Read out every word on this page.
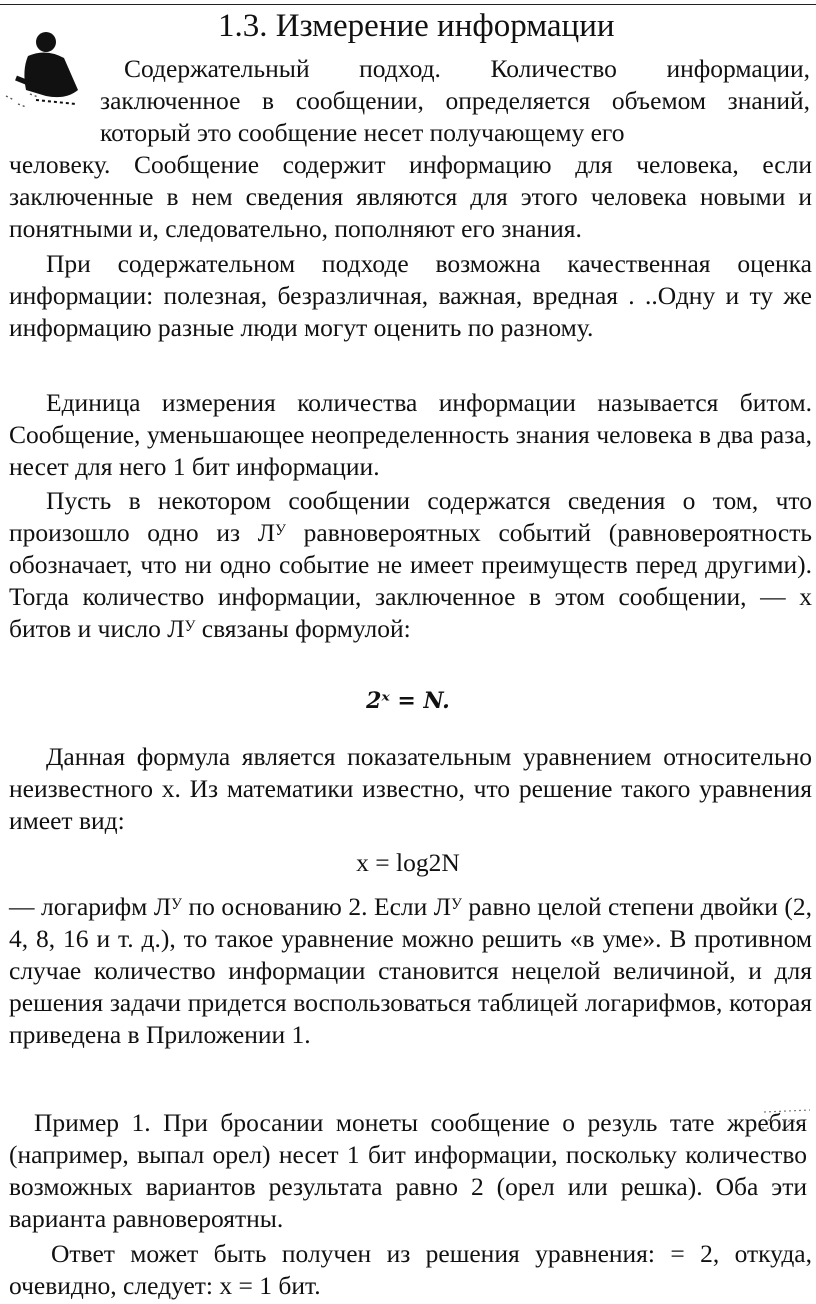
1.3. Измерение информации

Содержательный подход. Количество информации, заключенное в сообщении, определяется объемом знаний, который это сообщение несет получающему его

человеку. Сообщение содержит информацию для человека, если заключенные в нем сведения являются для этого человека новыми и понятными и, следовательно, пополняют его знания.

При содержательном подходе возможна качественная оценка информации: полезная, безразличная, важная, вредная . ..Одну и ту же информацию разные люди могут оценить по разному.

Единица измерения количества информации называется битом. Сообщение, уменьшающее неопределенность знания человека в два раза, несет для него 1 бит информации.

Пусть в некотором сообщении содержатся сведения о том, что произошло одно из $Л^У$ равновероятных событий (равновероятность обозначает, что ни одно событие не имеет преимуществ перед другими). Тогда количество информации, заключенное в этом сообщении, — x битов и число $Л^У$ связаны формулой:

2ˣ = N.

Данная формула является показательным уравнением относительно неизвестного x. Из математики известно, что решение такого уравнения имеет вид:

x = log2N

— логарифм $Л^У$ по основанию 2. Если $Л^У$ равно целой степени двойки (2, 4, 8, 16 и т. д.), то такое уравнение можно решить «в уме». В противном случае количество информации становится нецелой величиной, и для решения задачи придется воспользоваться таблицей логарифмов, которая приведена в Приложении 1.

Пример 1. При бросании монеты сообщение о резуль тате жребия (например, выпал орел) несет 1 бит информации, поскольку количество возможных вариантов результата равно 2 (орел или решка). Оба эти варианта равновероятны.

Ответ может быть получен из решения уравнения: = 2, откуда, очевидно, следует: x = 1 бит.
